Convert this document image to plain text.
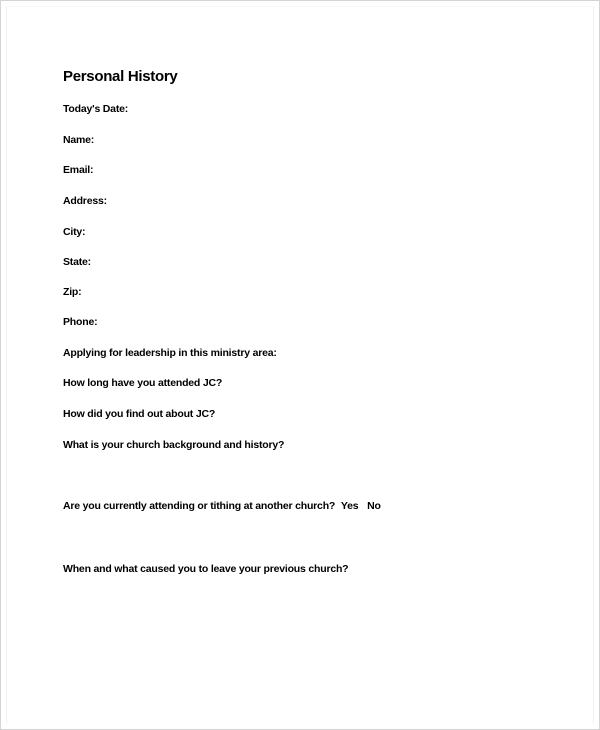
Personal History
Today's Date:
Name:
Email:
Address:
City:
State:
Zip:
Phone:
Applying for leadership in this ministry area:
How long have you attended JC?
How did you find out about JC?
What is your church background and history?
Are you currently attending or tithing at another church? Yes No
When and what caused you to leave your previous church?
